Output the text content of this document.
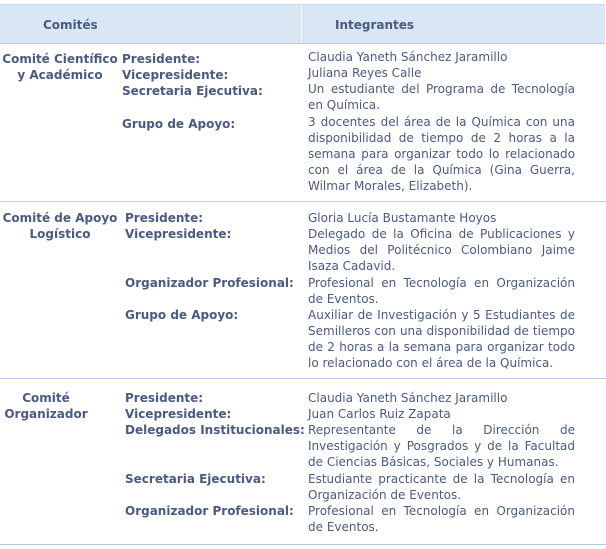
Comités	Integrantes
Comité Científico
y Académico
Presidente:	Claudia Yaneth Sánchez Jaramillo
Vicepresidente:	Juliana Reyes Calle
Secretaria Ejecutiva:	Un estudiante del Programa de Tecnología en Química.
Grupo de Apoyo:	3 docentes del área de la Química con una disponibilidad de tiempo de 2 horas a la semana para organizar todo lo relacionado con el área de la Química (Gina Guerra, Wilmar Morales, Elizabeth).
Comité de Apoyo
Logístico
Presidente:	Gloria Lucía Bustamante Hoyos
Vicepresidente:	Delegado de la Oficina de Publicaciones y Medios del Politécnico Colombiano Jaime Isaza Cadavid.
Organizador Profesional: Profesional en Tecnología en Organización de Eventos.
Grupo de Apoyo:	Auxiliar de Investigación y 5 Estudiantes de Semilleros con una disponibilidad de tiempo de 2 horas a la semana para organizar todo lo relacionado con el área de la Química.
Comité
Organizador
Presidente:	Claudia Yaneth Sánchez Jaramillo
Vicepresidente:	Juan Carlos Ruiz Zapata
Delegados Institucionales: Representante de la Dirección de Investigación y Posgrados y de la Facultad de Ciencias Básicas, Sociales y Humanas.
Secretaria Ejecutiva:	Estudiante practicante de la Tecnología en Organización de Eventos.
Organizador Profesional: Profesional en Tecnología en Organización de Eventos.
